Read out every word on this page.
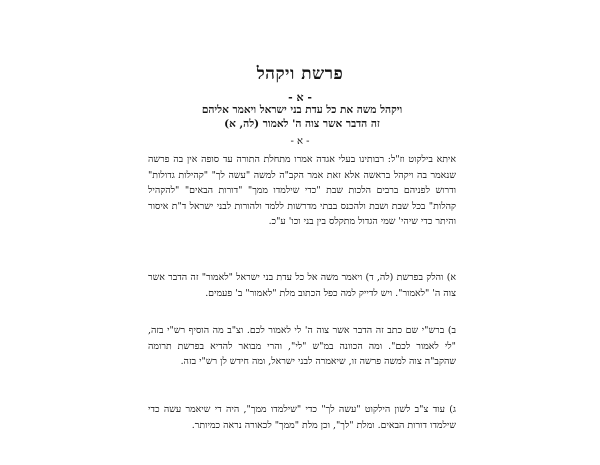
פרשת ויקהל
- א -
ויקהל משה את כל עדת בני ישראל ויאמר אליהם
זה הדבר אשר צוה ה' לאמור (לה, א)
- א -
איתא בילקוט וז"ל: רבותינו בעלי אגדה אמרו מתחלת התורה עד סופה אין בה פרשה שנאמר בה ויקהל בראשה אלא זאת אמר הקב"ה למשה "עשה לך" "קהילות גדולות" ודרוש לפניהם ברבים הלכות שבת "כדי שילמדו ממך" "דורות הבאים" "להקהיל קהלות" בכל שבת ושבת ולהכנס בבתי מדרשות ללמד ולהורות לבני ישראל ד"ת איסור והיתר כדי שיהי' שמי הגדול מתקלס בין בני וכו' ע"כ.
א) והלק בפרשת (לה, ד) ויאמר משה אל כל עדת בני ישראל "לאמור" זה הדבר אשר צוה ה' "לאמור". ויש לדייק למה כפל הכתוב מלת "לאמור" ב' פעמים.
ב) ברש"י שם כתב זה הדבר אשר צוה ה' לי לאמור לכם. וצ"ב מה הוסיף רש"י בזה, "לי לאמור לכם". ומה הכוונה במ"ש "לי", והרי מבואר להדיא בפרשת תרומה שהקב"ה צוה למשה פרשה זו, שיאמרה לבני ישראל, ומה חידש לן רש"י בזה.
ג) עוד צ"ב לשון הילקוט "עשה לך" כדי "שילמדו ממך", היה די שיאמר עשה כדי שילמדו דורות הבאים. ומלת "לך", וכן מלת "ממך" לכאורה נראה כמיותר.
